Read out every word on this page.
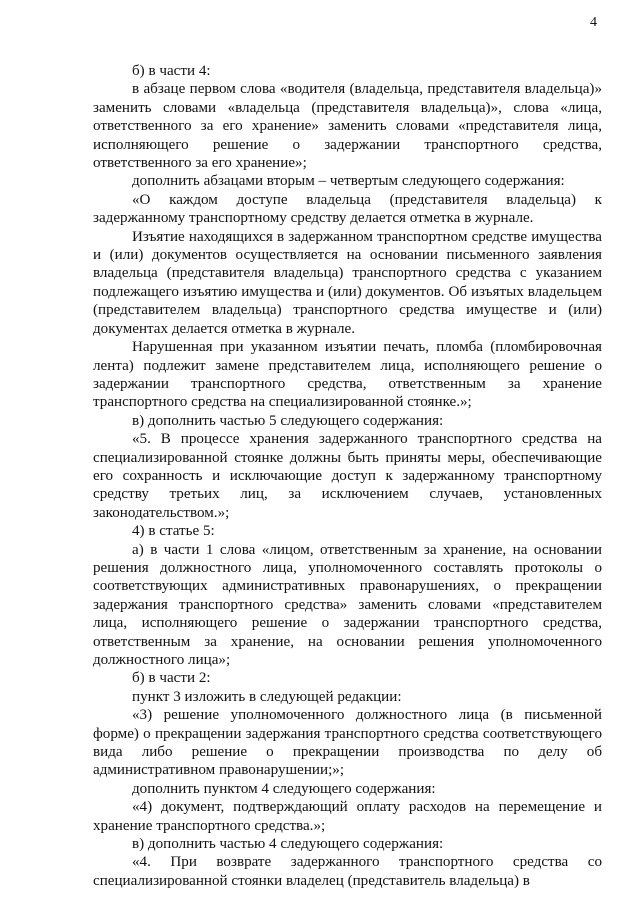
4

б) в части 4:

в абзаце первом слова «водителя (владельца, представителя владельца)» заменить словами «владельца (представителя владельца)», слова «лица, ответственного за его хранение» заменить словами «представителя лица, исполняющего решение о задержании транспортного средства, ответственного за его хранение»;

дополнить абзацами вторым – четвертым следующего содержания:

«О каждом доступе владельца (представителя владельца) к задержанному транспортному средству делается отметка в журнале.

Изъятие находящихся в задержанном транспортном средстве имущества и (или) документов осуществляется на основании письменного заявления владельца (представителя владельца) транспортного средства с указанием подлежащего изъятию имущества и (или) документов. Об изъятых владельцем (представителем владельца) транспортного средства имуществе и (или) документах делается отметка в журнале.

Нарушенная при указанном изъятии печать, пломба (пломбировочная лента) подлежит замене представителем лица, исполняющего решение о задержании транспортного средства, ответственным за хранение транспортного средства на специализированной стоянке.»;

в) дополнить частью 5 следующего содержания:

«5. В процессе хранения задержанного транспортного средства на специализированной стоянке должны быть приняты меры, обеспечивающие его сохранность и исключающие доступ к задержанному транспортному средству третьих лиц, за исключением случаев, установленных законодательством.»;

4) в статье 5:

а) в части 1 слова «лицом, ответственным за хранение, на основании решения должностного лица, уполномоченного составлять протоколы о соответствующих административных правонарушениях, о прекращении задержания транспортного средства» заменить словами «представителем лица, исполняющего решение о задержании транспортного средства, ответственным за хранение, на основании решения уполномоченного должностного лица»;

б) в части 2:

пункт 3 изложить в следующей редакции:

«3) решение уполномоченного должностного лица (в письменной форме) о прекращении задержания транспортного средства соответствующего вида либо решение о прекращении производства по делу об административном правонарушении;»;

дополнить пунктом 4 следующего содержания:

«4) документ, подтверждающий оплату расходов на перемещение и хранение транспортного средства.»;

в) дополнить частью 4 следующего содержания:

«4. При возврате задержанного транспортного средства со специализированной стоянки владелец (представитель владельца) в
